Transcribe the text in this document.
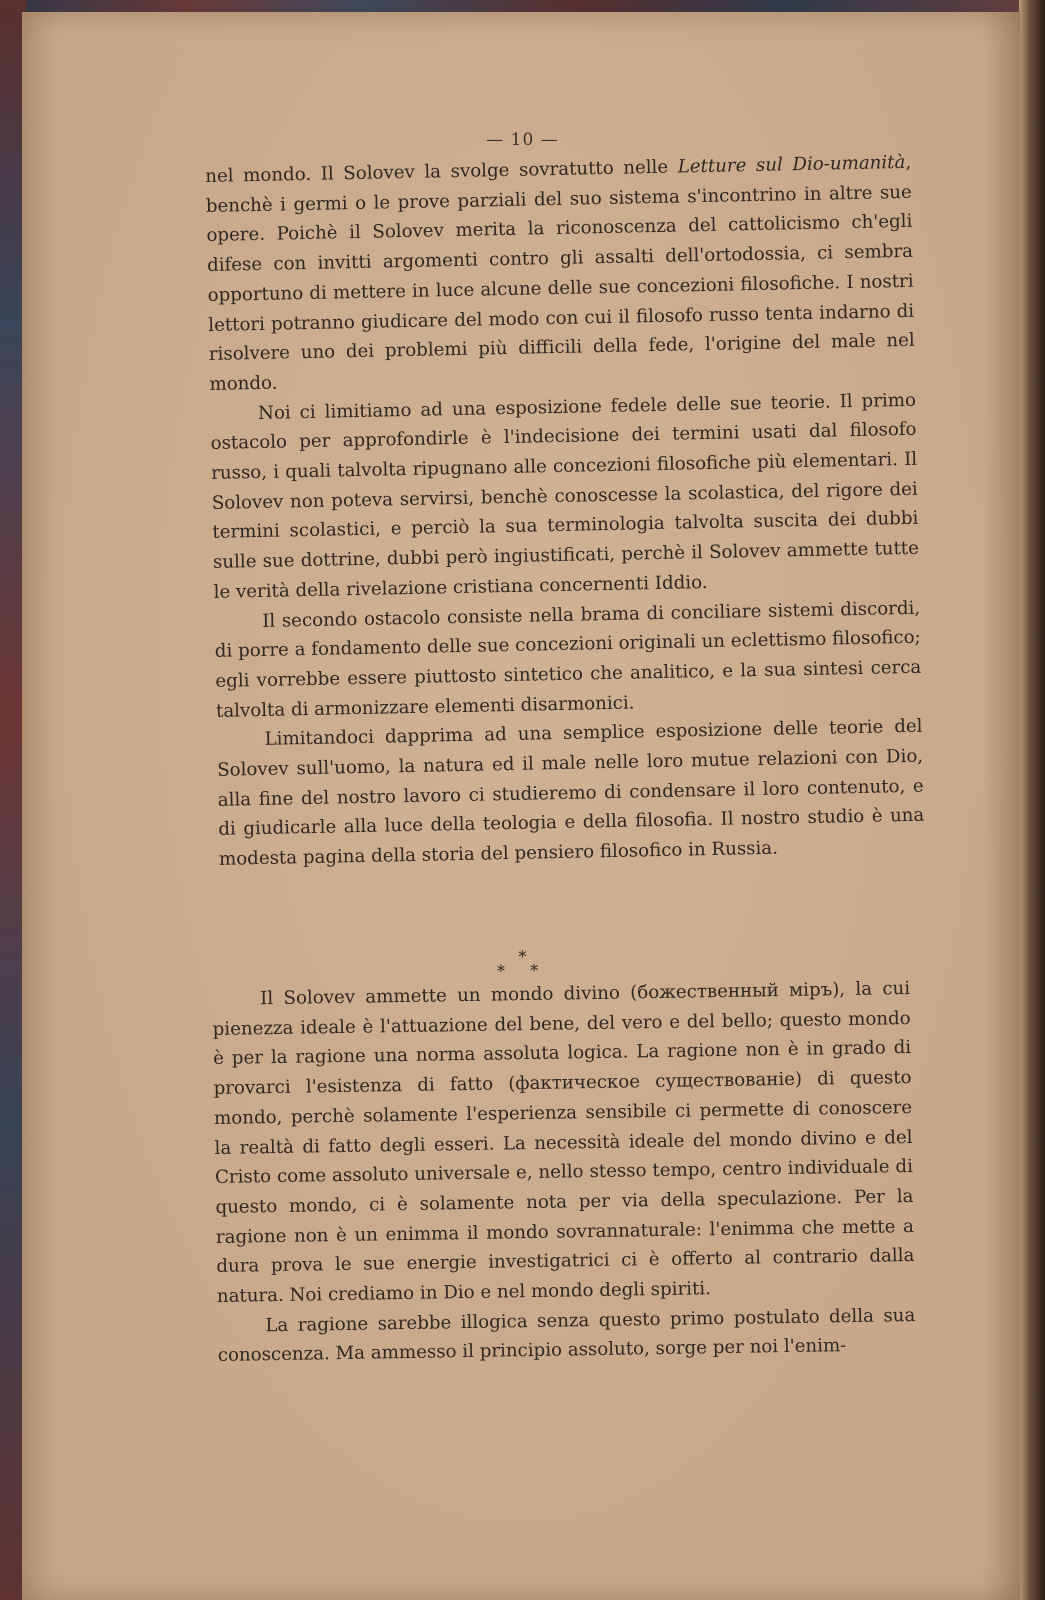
— 10 —

nel mondo. Il Solovev la svolge sovratutto nelle Letture sul Dio-umanità, benchè i germi o le prove parziali del suo sistema s'incontrino in altre sue opere. Poichè il Solovev merita la riconoscenza del cattolicismo ch'egli difese con invitti argomenti contro gli assalti dell'ortodossia, ci sembra opportuno di mettere in luce alcune delle sue concezioni filosofiche. I nostri lettori potranno giudicare del modo con cui il filosofo russo tenta indarno di risolvere uno dei problemi più difficili della fede, l'origine del male nel mondo.

Noi ci limitiamo ad una esposizione fedele delle sue teorie. Il primo ostacolo per approfondirle è l'indecisione dei termini usati dal filosofo russo, i quali talvolta ripugnano alle concezioni filosofiche più elementari. Il Solovev non poteva servirsi, benchè conoscesse la scolastica, del rigore dei termini scolastici, e perciò la sua terminologia talvolta suscita dei dubbi sulle sue dottrine, dubbi però ingiustificati, perchè il Solovev ammette tutte le verità della rivelazione cristiana concernenti Iddio.

Il secondo ostacolo consiste nella brama di conciliare sistemi discordi, di porre a fondamento delle sue concezioni originali un eclettismo filosofico; egli vorrebbe essere piuttosto sintetico che analitico, e la sua sintesi cerca talvolta di armonizzare elementi disarmonici.

Limitandoci dapprima ad una semplice esposizione delle teorie del Solovev sull'uomo, la natura ed il male nelle loro mutue relazioni con Dio, alla fine del nostro lavoro ci studieremo di condensare il loro contenuto, e di giudicarle alla luce della teologia e della filosofia. Il nostro studio è una modesta pagina della storia del pensiero filosofico in Russia.

Il Solovev ammette un mondo divino (божественный міръ), la cui pienezza ideale è l'attuazione del bene, del vero e del bello; questo mondo è per la ragione una norma assoluta logica. La ragione non è in grado di provarci l'esistenza di fatto (фактическое существованіе) di questo mondo, perchè solamente l'esperienza sensibile ci permette di conoscere la realtà di fatto degli esseri. La necessità ideale del mondo divino e del Cristo come assoluto universale e, nello stesso tempo, centro individuale di questo mondo, ci è solamente nota per via della speculazione. Per la ragione non è un enimma il mondo sovrannaturale: l'enimma che mette a dura prova le sue energie investigatrici ci è offerto al contrario dalla natura. Noi crediamo in Dio e nel mondo degli spiriti.

La ragione sarebbe illogica senza questo primo postulato della sua conoscenza. Ma ammesso il principio assoluto, sorge per noi l'enim-

*
* *
